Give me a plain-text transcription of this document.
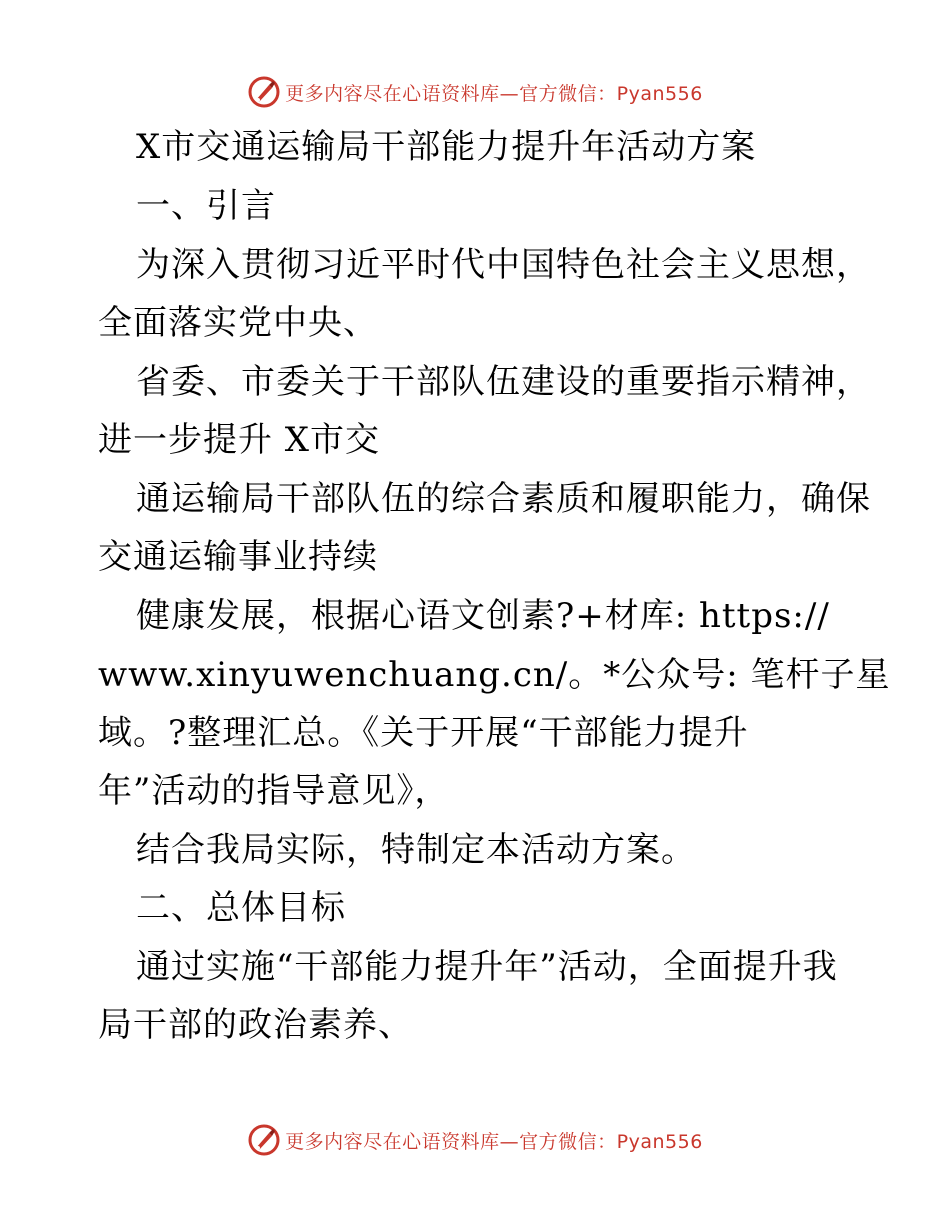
更多内容尽在心语资料库—官方微信：Pyan556
X市交通运输局干部能力提升年活动方案
一、引言
为深入贯彻习近平时代中国特色社会主义思想，
全面落实党中央、
省委、市委关于干部队伍建设的重要指示精神，
进一步提升 X市交
通运输局干部队伍的综合素质和履职能力，确保
交通运输事业持续
健康发展，根据心语文创素?+材库: https://
www.xinyuwenchuang.cn/。*公众号: 笔杆子星
域。?整理汇总。《关于开展“干部能力提升
年”活动的指导意见》，
结合我局实际，特制定本活动方案。
二、总体目标
通过实施“干部能力提升年”活动，全面提升我
局干部的政治素养、
更多内容尽在心语资料库—官方微信：Pyan556
